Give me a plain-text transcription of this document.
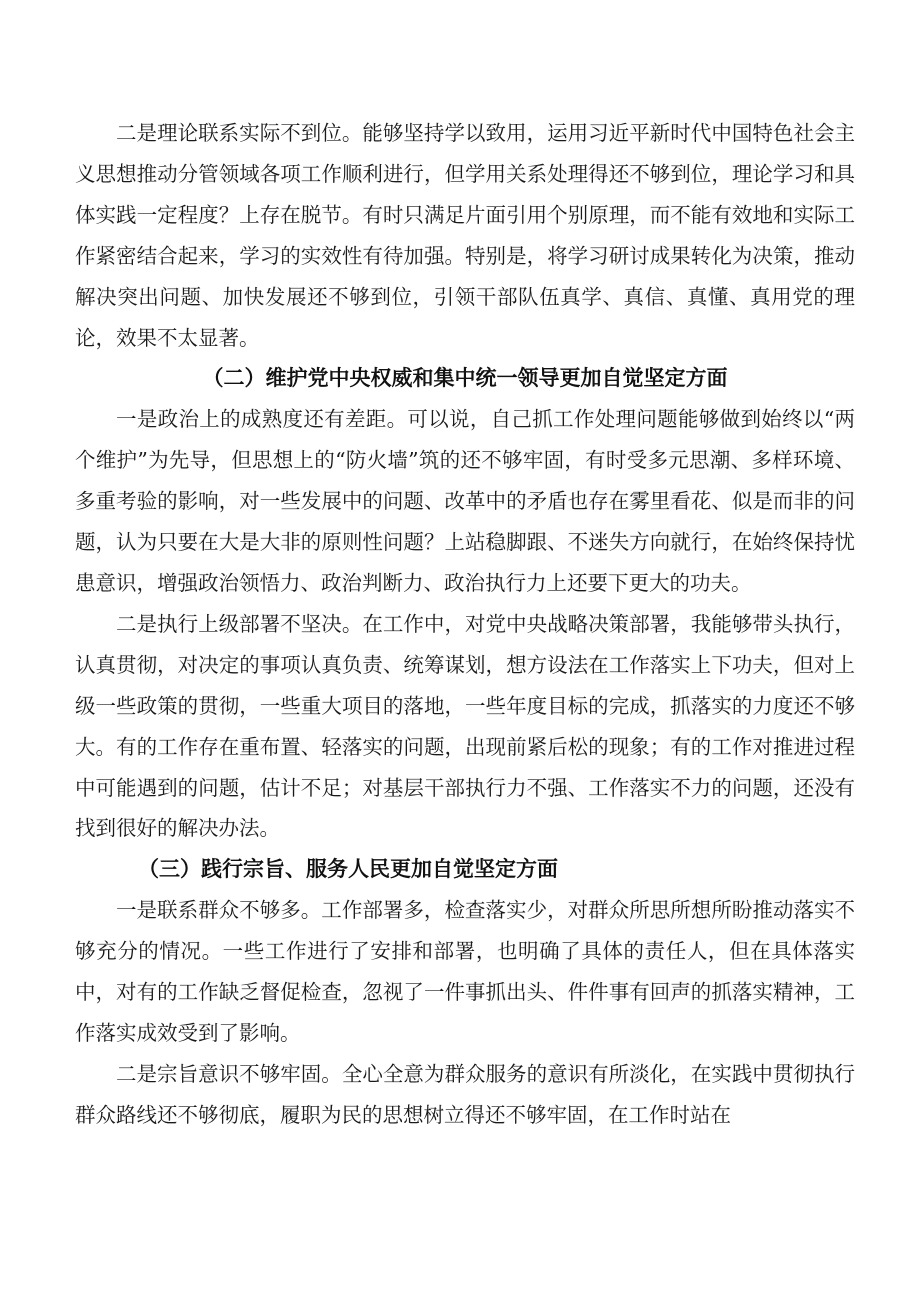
二是理论联系实际不到位。能够坚持学以致用，运用习近平新时代中国特色社会主义思想推动分管领域各项工作顺利进行，但学用关系处理得还不够到位，理论学习和具体实践一定程度？上存在脱节。有时只满足片面引用个别原理，而不能有效地和实际工作紧密结合起来，学习的实效性有待加强。特别是，将学习研讨成果转化为决策，推动解决突出问题、加快发展还不够到位，引领干部队伍真学、真信、真懂、真用党的理论，效果不太显著。

（二）维护党中央权威和集中统一领导更加自觉坚定方面

一是政治上的成熟度还有差距。可以说，自己抓工作处理问题能够做到始终以“两个维护”为先导，但思想上的“防火墙”筑的还不够牢固，有时受多元思潮、多样环境、多重考验的影响，对一些发展中的问题、改革中的矛盾也存在雾里看花、似是而非的问题，认为只要在大是大非的原则性问题？上站稳脚跟、不迷失方向就行，在始终保持忧患意识，增强政治领悟力、政治判断力、政治执行力上还要下更大的功夫。

二是执行上级部署不坚决。在工作中，对党中央战略决策部署，我能够带头执行，认真贯彻，对决定的事项认真负责、统筹谋划，想方设法在工作落实上下功夫，但对上级一些政策的贯彻，一些重大项目的落地，一些年度目标的完成，抓落实的力度还不够大。有的工作存在重布置、轻落实的问题，出现前紧后松的现象；有的工作对推进过程中可能遇到的问题，估计不足；对基层干部执行力不强、工作落实不力的问题，还没有找到很好的解决办法。

（三）践行宗旨、服务人民更加自觉坚定方面

一是联系群众不够多。工作部署多，检查落实少，对群众所思所想所盼推动落实不够充分的情况。一些工作进行了安排和部署，也明确了具体的责任人，但在具体落实中，对有的工作缺乏督促检查，忽视了一件事抓出头、件件事有回声的抓落实精神，工作落实成效受到了影响。

二是宗旨意识不够牢固。全心全意为群众服务的意识有所淡化，在实践中贯彻执行群众路线还不够彻底，履职为民的思想树立得还不够牢固，在工作时站在
